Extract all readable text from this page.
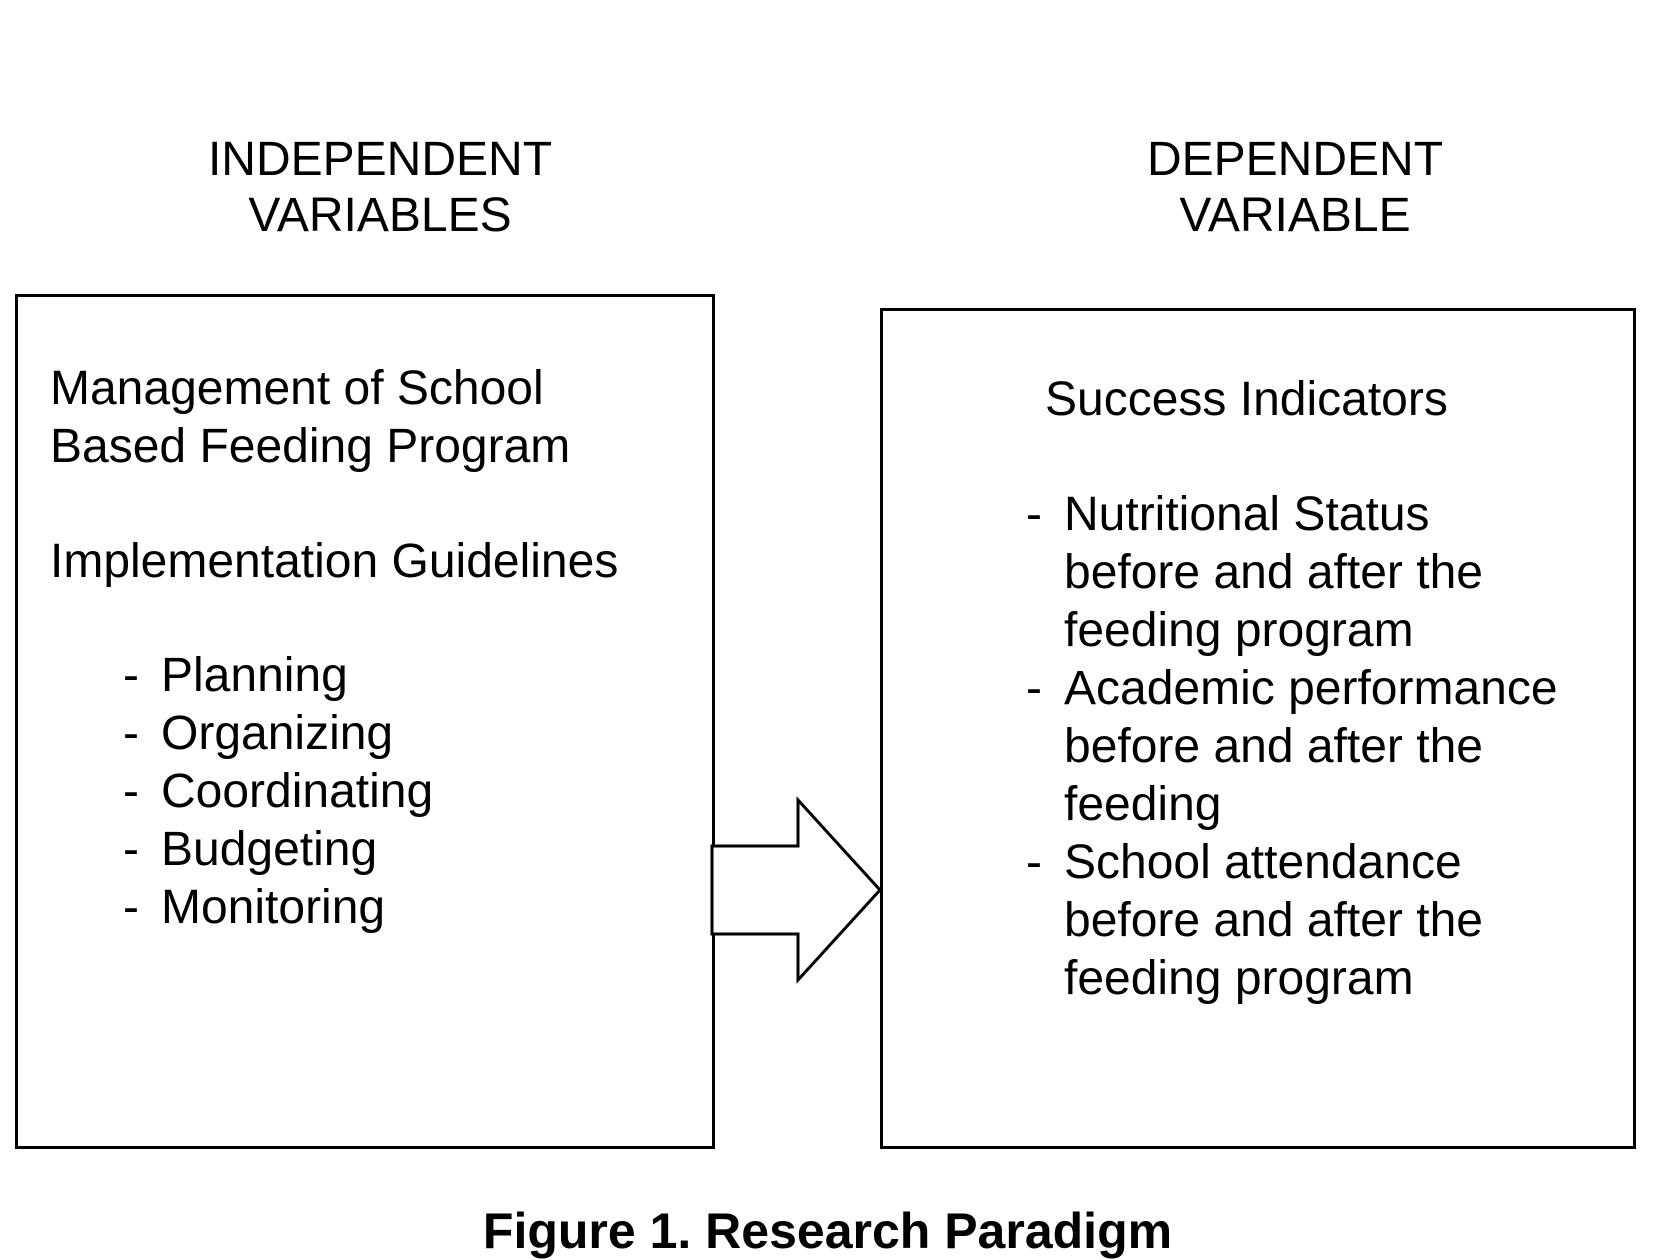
INDEPENDENT
VARIABLES
DEPENDENT
VARIABLE
Management of School
Based Feeding Program
Implementation Guidelines
- Planning
- Organizing
- Coordinating
- Budgeting
- Monitoring
Success Indicators
- Nutritional Status
before and after the
feeding program
- Academic performance
before and after the
feeding
- School attendance
before and after the
feeding program
Figure 1. Research Paradigm
